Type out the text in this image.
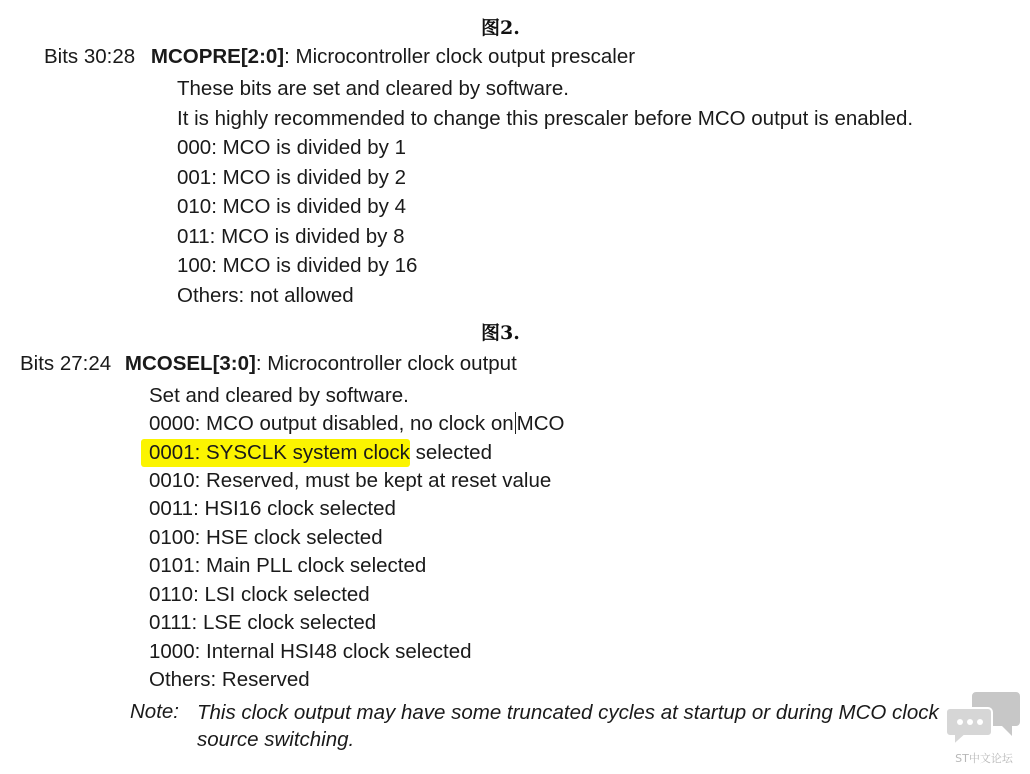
图2.
Bits 30:28 MCOPRE[2:0]: Microcontroller clock output prescaler
These bits are set and cleared by software.
It is highly recommended to change this prescaler before MCO output is enabled.
000: MCO is divided by 1
001: MCO is divided by 2
010: MCO is divided by 4
011: MCO is divided by 8
100: MCO is divided by 16
Others: not allowed
图3.
Bits 27:24 MCOSEL[3:0]: Microcontroller clock output
Set and cleared by software.
0000: MCO output disabled, no clock on MCO
0001: SYSCLK system clock selected
0010: Reserved, must be kept at reset value
0011: HSI16 clock selected
0100: HSE clock selected
0101: Main PLL clock selected
0110: LSI clock selected
0111: LSE clock selected
1000: Internal HSI48 clock selected
Others: Reserved
Note: This clock output may have some truncated cycles at startup or during MCO clock source switching.
ST中文论坛
